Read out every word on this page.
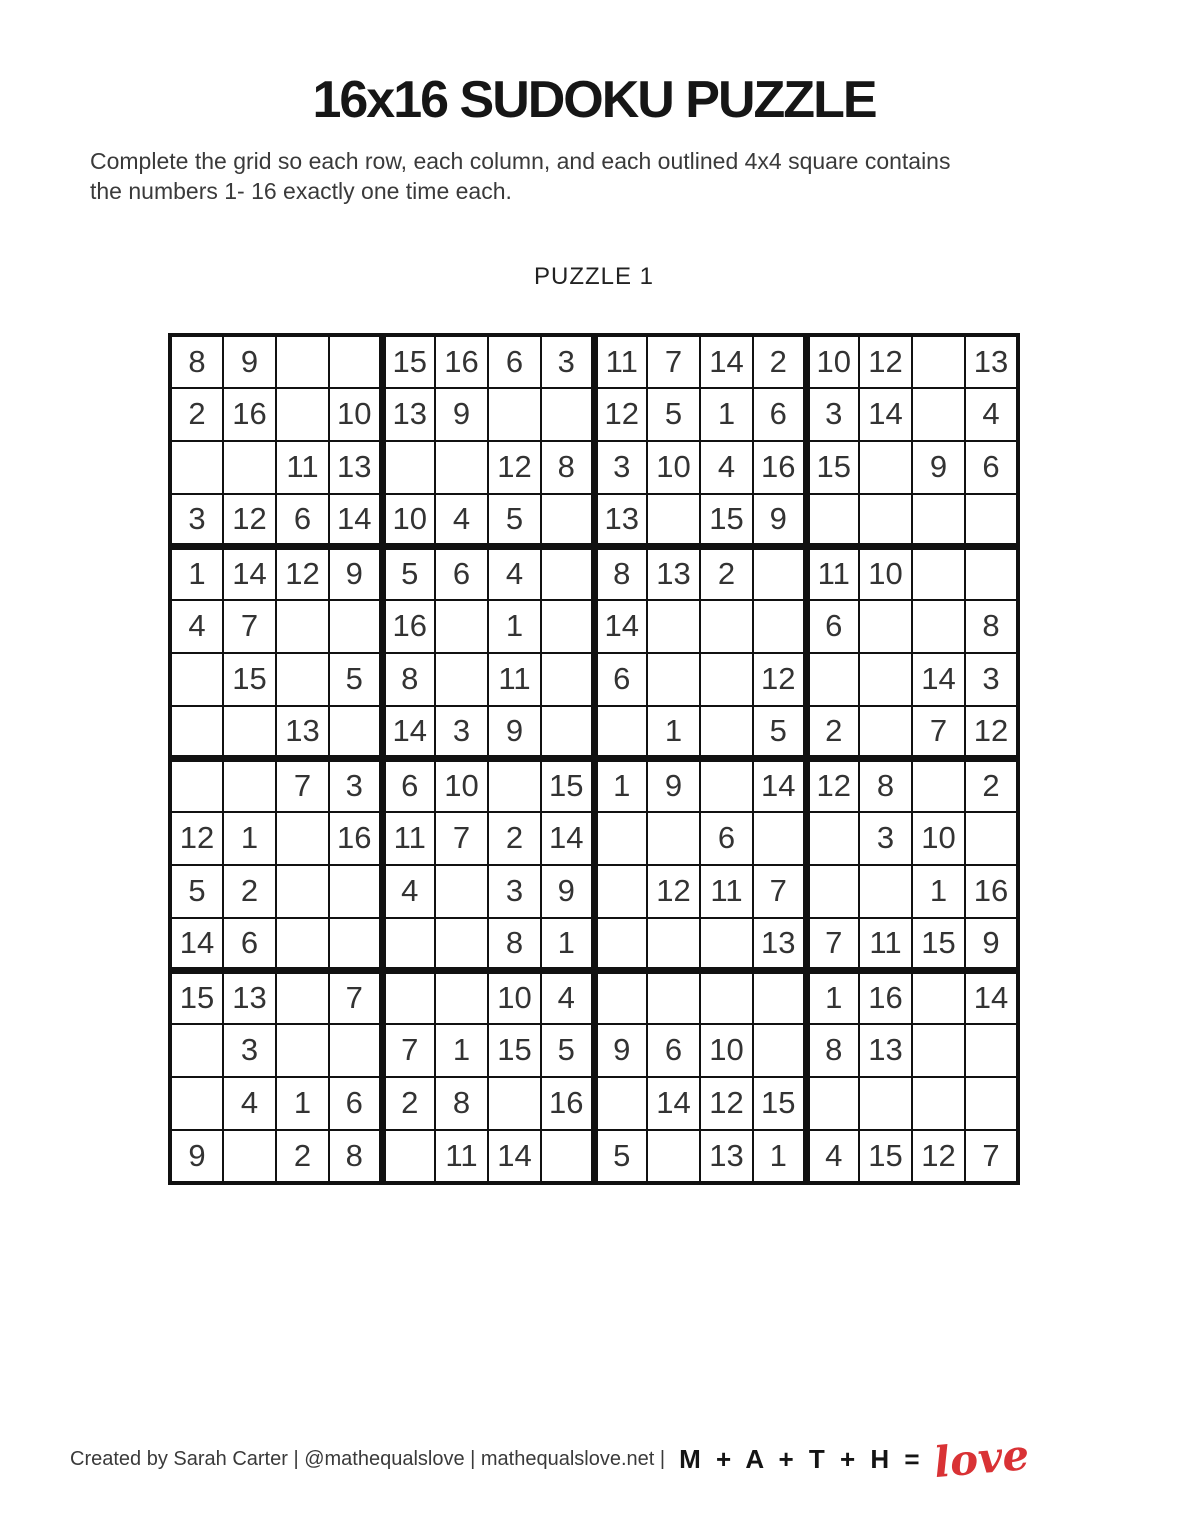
16x16 SUDOKU PUZZLE
Complete the grid so each row, each column, and each outlined 4x4 square contains
the numbers 1- 16 exactly one time each.
PUZZLE 1
8	9			15	16	6	3	11	7	14	2	10	12		13
2	16		10	13	9			12	5	1	6	3	14		4
		11	13			12	8	3	10	4	16	15		9	6
3	12	6	14	10	4	5		13		15	9				
1	14	12	9	5	6	4		8	13	2		11	10		
4	7			16		1		14				6			8
	15		5	8		11		6			12			14	3
		13		14	3	9			1		5	2		7	12
		7	3	6	10		15	1	9		14	12	8		2
12	1		16	11	7	2	14			6			3	10	
5	2			4		3	9		12	11	7			1	16
14	6					8	1				13	7	11	15	9
15	13		7			10	4					1	16		14
	3			7	1	15	5	9	6	10		8	13		
	4	1	6	2	8		16		14	12	15				
9		2	8		11	14		5		13	1	4	15	12	7
Created by Sarah Carter | @mathequalslove | mathequalslove.net | M + A + T + H = love
